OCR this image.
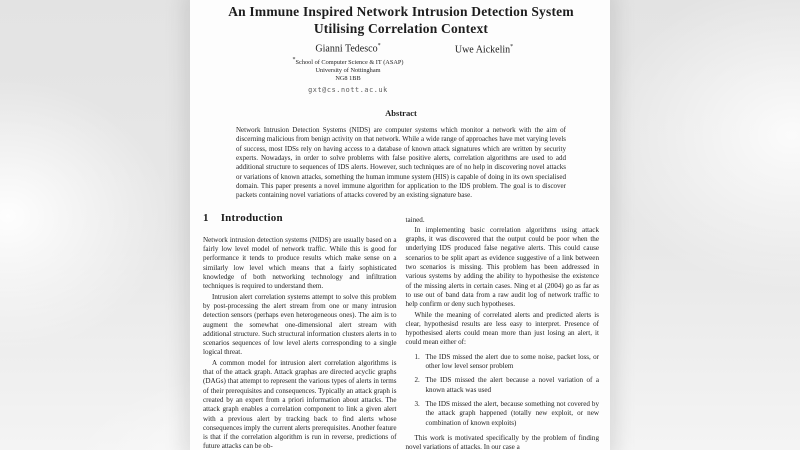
An Immune Inspired Network Intrusion Detection System
Utilising Correlation Context
Gianni Tedesco*
*School of Computer Science & IT (ASAP)
University of Nottingham
NG8 1BB
gxt@cs.nott.ac.uk
Uwe Aickelin*
Abstract
Network Intrusion Detection Systems (NIDS) are computer systems which monitor a network with the aim of discerning malicious from benign activity on that network. While a wide range of approaches have met varying levels of success, most IDSs rely on having access to a database of known attack signatures which are written by security experts. Nowadays, in order to solve problems with false positive alerts, correlation algorithms are used to add additional structure to sequences of IDS alerts. However, such techniques are of no help in discovering novel attacks or variations of known attacks, something the human immune system (HIS) is capable of doing in its own specialised domain. This paper presents a novel immune algorithm for application to the IDS problem. The goal is to discover packets containing novel variations of attacks covered by an existing signature base.
1 Introduction

Network intrusion detection systems (NIDS) are usually based on a fairly low level model of network traffic. While this is good for performance it tends to produce results which make sense on a similarly low level which means that a fairly sophisticated knowledge of both networking technology and infiltration techniques is required to understand them.

Intrusion alert correlation systems attempt to solve this problem by post-processing the alert stream from one or many intrusion detection sensors (perhaps even heterogeneous ones). The aim is to augment the somewhat one-dimensional alert stream with additional structure. Such structural information clusters alerts in to scenarios sequences of low level alerts corresponding to a single logical threat.

A common model for intrusion alert correlation algorithms is that of the attack graph. Attack graphas are directed acyclic graphs (DAGs) that attempt to represent the various types of alerts in terms of their prerequisites and consequences. Typically an attack graph is created by an expert from a priori information about attacks. The attack graph enables a correlation component to link a given alert with a previous alert by tracking back to find alerts whose consequences imply the current alerts prerequisites. Another feature is that if the correlation algorithm is run in reverse, predictions of future attacks can be ob-

tained.

In implementing basic correlation algorithms using attack graphs, it was discovered that the output could be poor when the underlying IDS produced false negative alerts. This could cause scenarios to be split apart as evidence suggestive of a link between two scenarios is missing. This problem has been addressed in various systems by adding the ability to hypothesise the existence of the missing alerts in certain cases. Ning et al (2004) go as far as to use out of band data from a raw audit log of network traffic to help confirm or deny such hypotheses.

While the meaning of correlated alerts and predicted alerts is clear, hypothesisd results are less easy to interpret. Presence of hypothesised alerts could mean more than just losing an alert, it could mean either of:

1. The IDS missed the alert due to some noise, packet loss, or other low level sensor problem
2. The IDS missed the alert because a novel variation of a known attack was used
3. The IDS missed the alert, because something not covered by the attack graph happened (totally new exploit, or new combination of known exploits)

This work is motivated specifically by the problem of finding novel variations of attacks. In our case a
